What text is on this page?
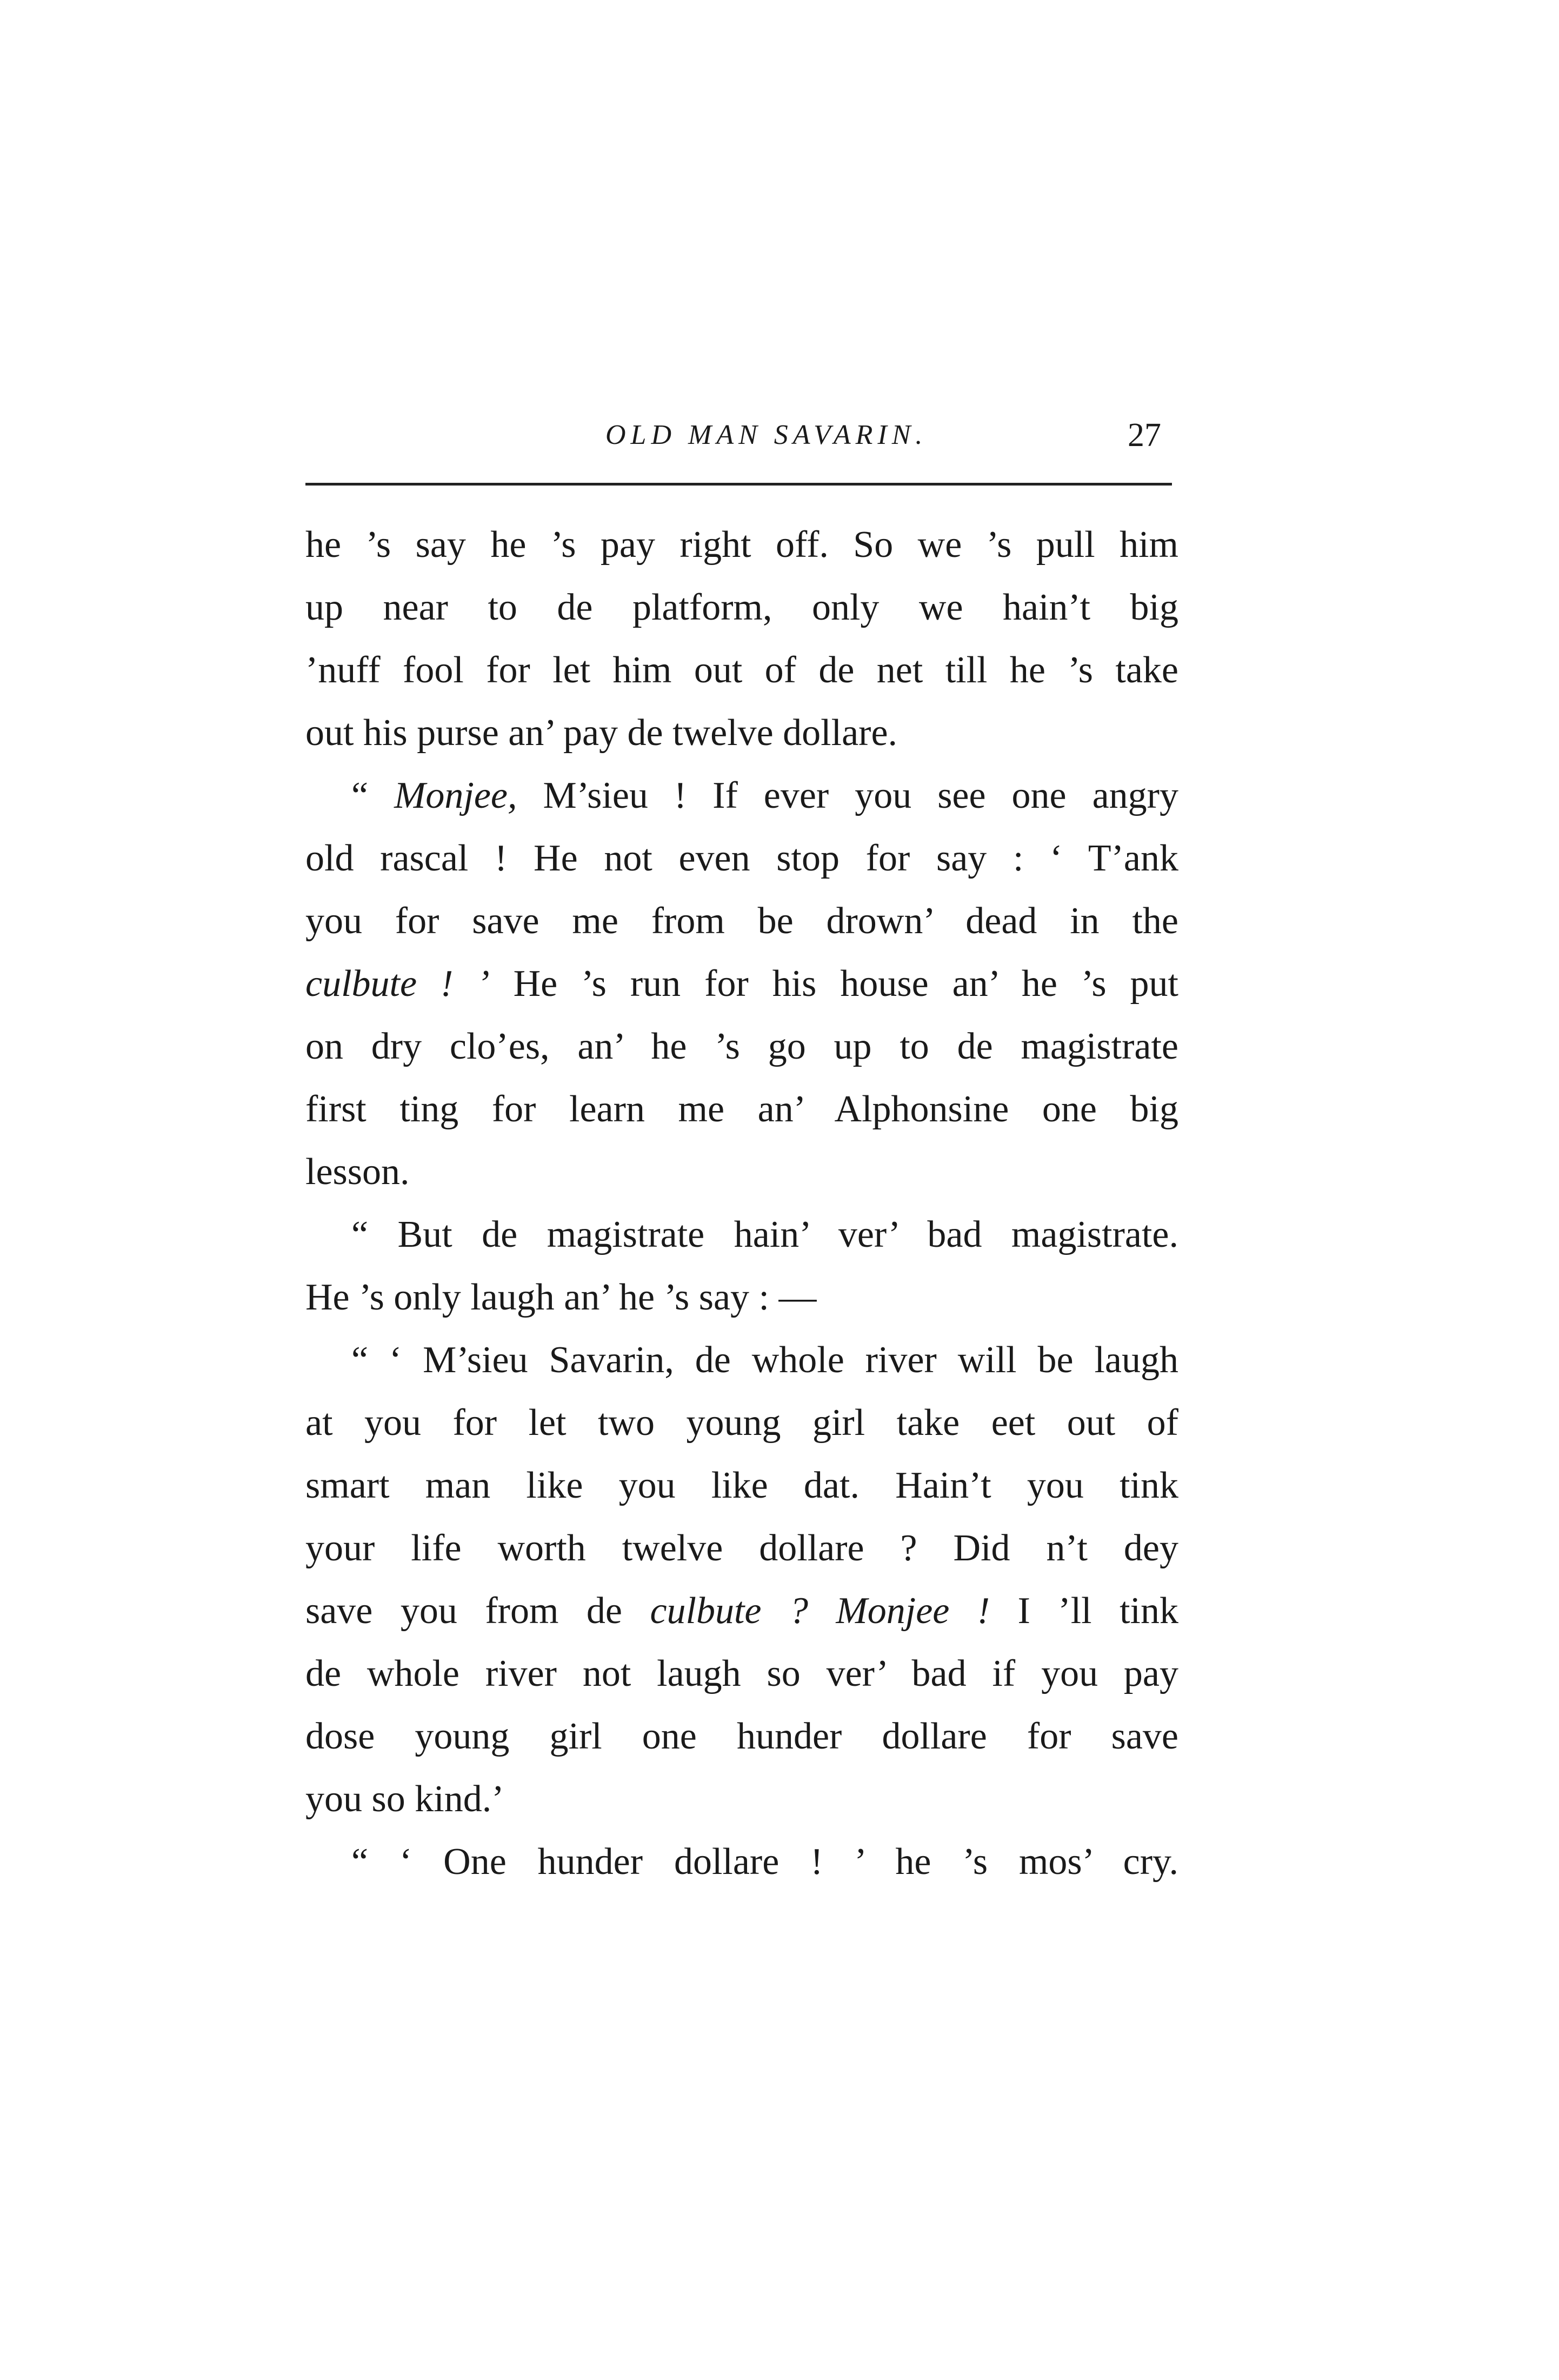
OLD MAN SAVARIN.	27
he ’s say he ’s pay right off. So we ’s pull him
up near to de platform, only we hain’t big
’nuff fool for let him out of de net till he ’s take
out his purse an’ pay de twelve dollare.
“ Monjee, M’sieu ! If ever you see one angry
old rascal ! He not even stop for say : ‘ T’ank
you for save me from be drown’ dead in the
culbute ! ’ He ’s run for his house an’ he ’s put
on dry clo’es, an’ he ’s go up to de magistrate
first ting for learn me an’ Alphonsine one big
lesson.
“ But de magistrate hain’ ver’ bad magistrate.
He ’s only laugh an’ he ’s say : —
“ ‘ M’sieu Savarin, de whole river will be laugh
at you for let two young girl take eet out of
smart man like you like dat. Hain’t you tink
your life worth twelve dollare ? Did n’t dey
save you from de culbute ? Monjee ! I ’ll tink
de whole river not laugh so ver’ bad if you pay
dose young girl one hunder dollare for save
you so kind.’
“ ‘ One hunder dollare ! ’ he ’s mos’ cry.
